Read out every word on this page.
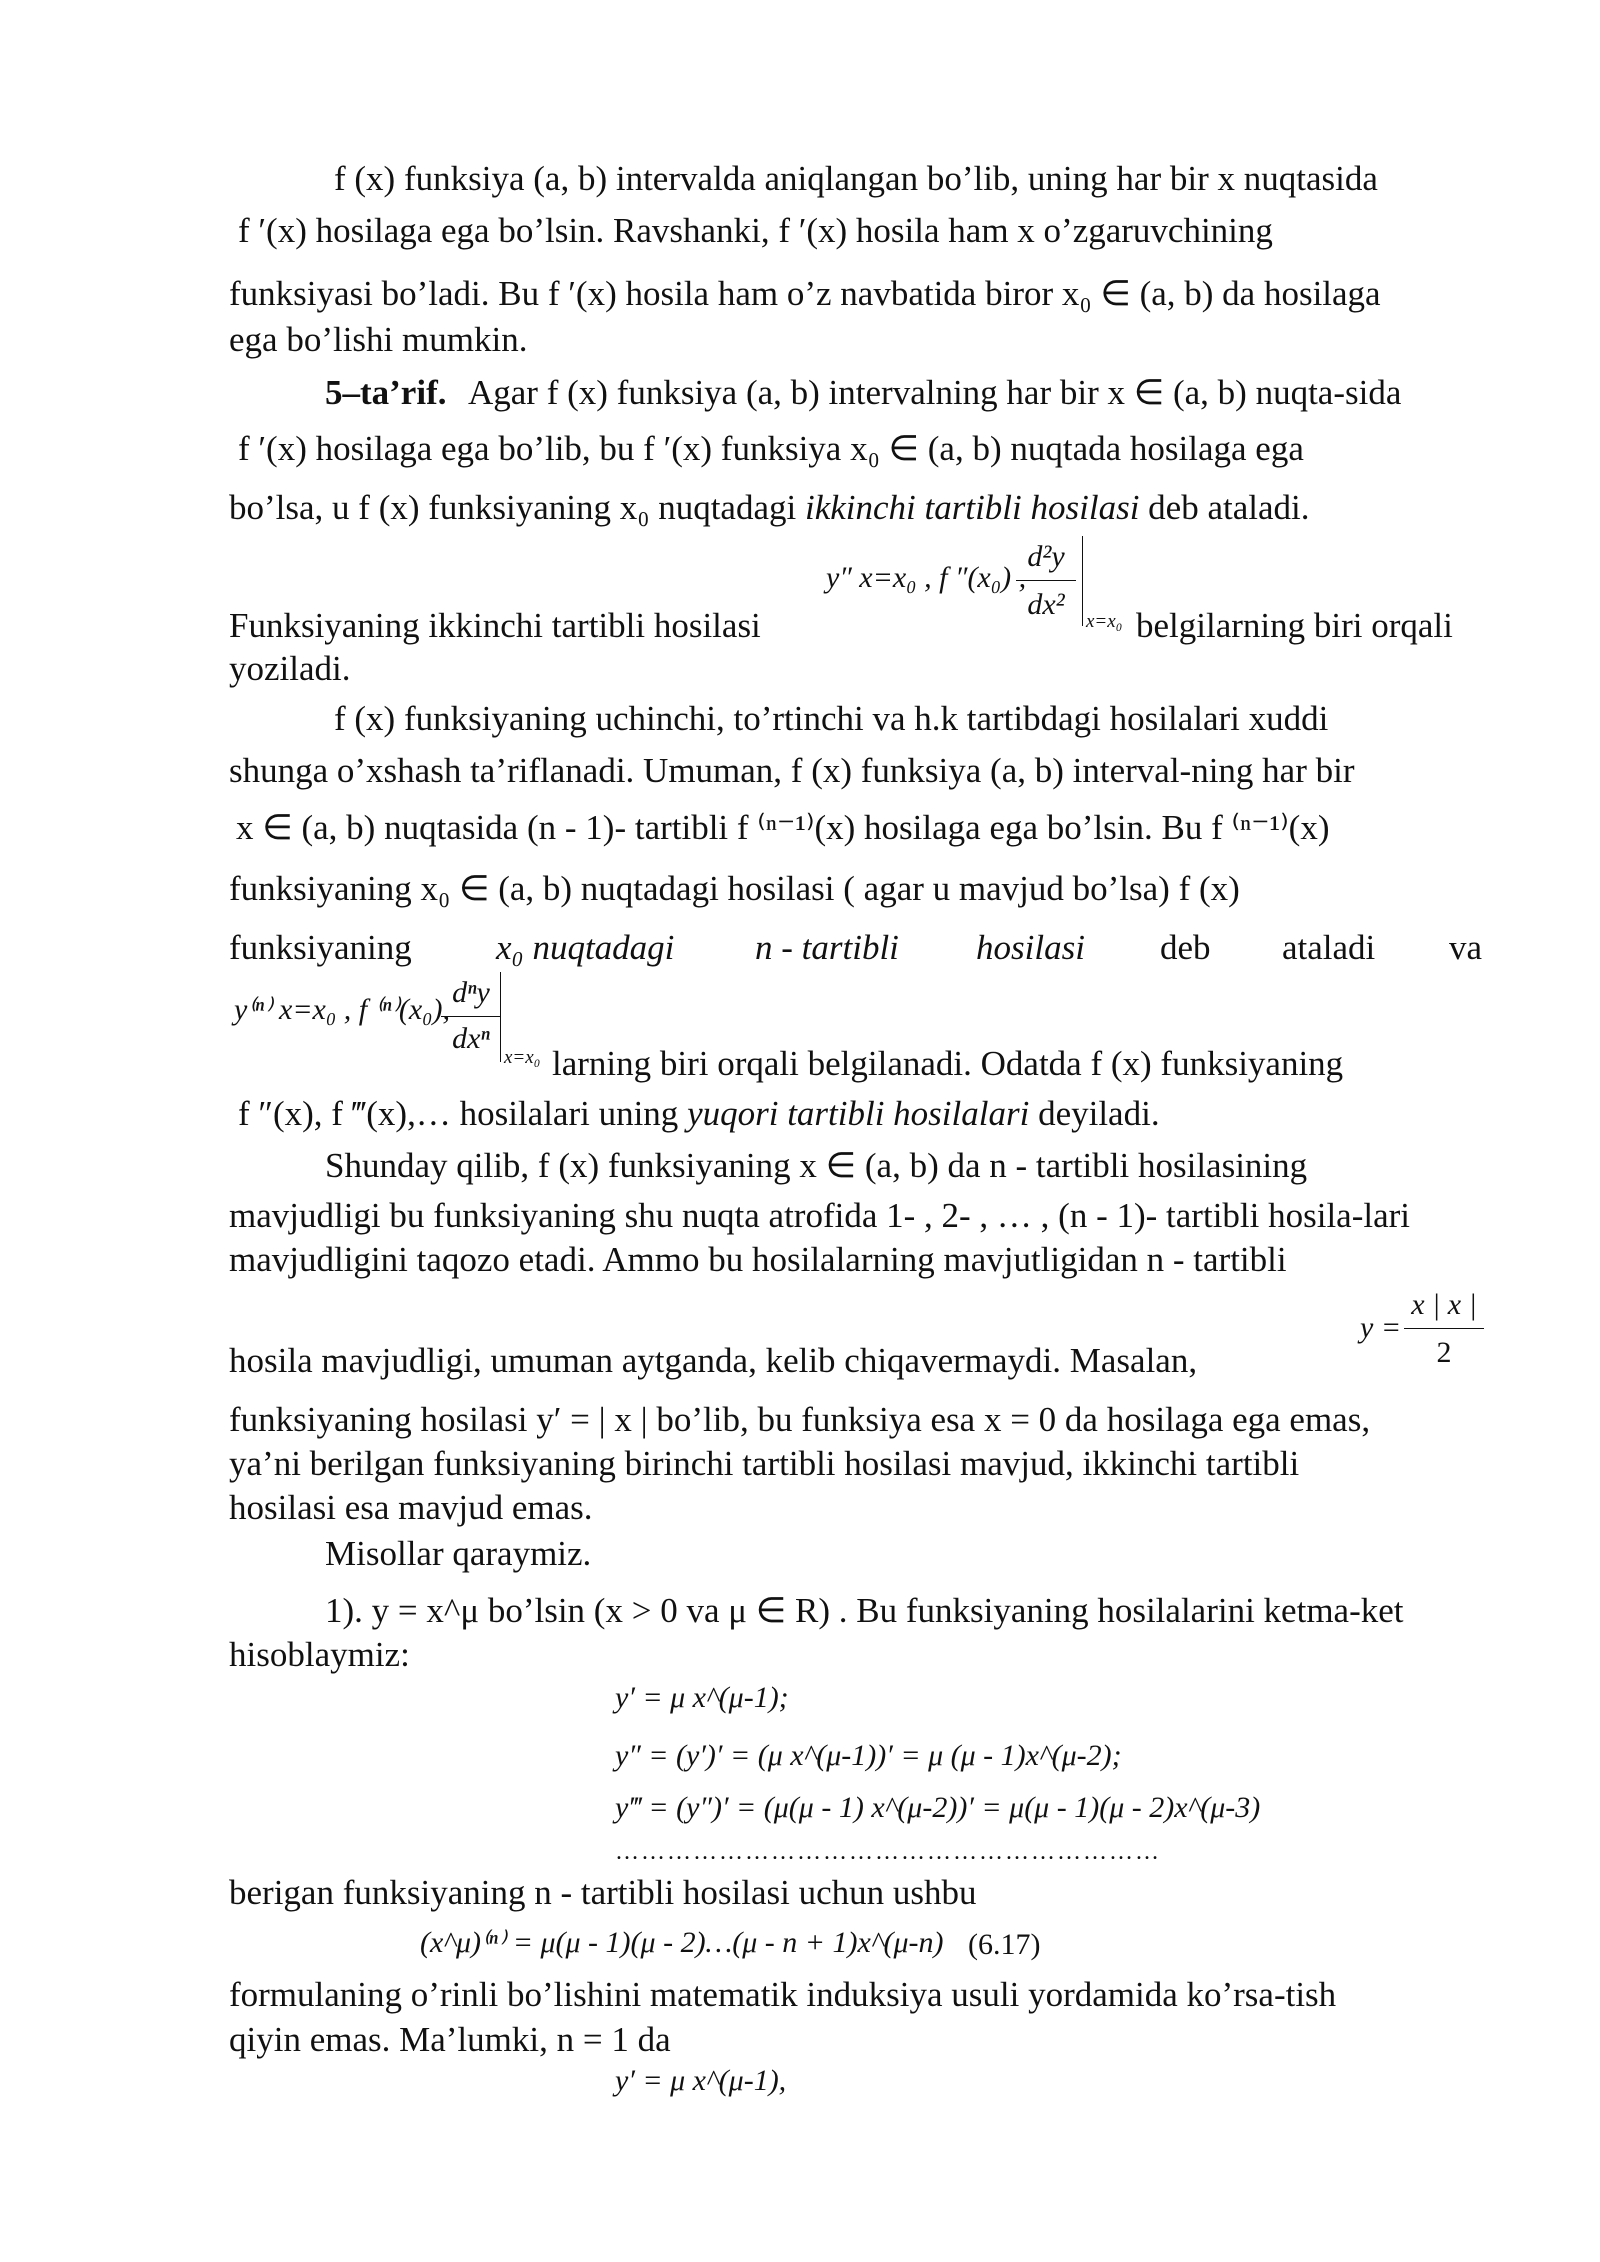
f (x) funksiya (a, b) intervalda aniqlangan bo’lib, uning har bir x nuqtasida
f ′(x) hosilaga ega bo’lsin. Ravshanki, f ′(x) hosila ham x o’zgaruvchining
funksiyasi bo’ladi. Bu f ′(x) hosila ham o’z navbatida biror x₀ ∈ (a, b) da hosilaga
ega bo’lishi mumkin.
5–ta’rif. Agar f (x) funksiya (a, b) intervalning har bir x ∈ (a, b) nuqta-sida
f ′(x) hosilaga ega bo’lib, bu f ′(x) funksiya x₀ ∈ (a, b) nuqtada hosilaga ega
bo’lsa, u f (x) funksiyaning x₀ nuqtadagi ikkinchi tartibli hosilasi deb ataladi.
y″ x=x₀ , f ″(x₀) ,
d²y
dx²
x=x₀
Funksiyaning ikkinchi tartibli hosilasi	belgilarning biri orqali
yoziladi.
f (x) funksiyaning uchinchi, to’rtinchi va h.k tartibdagi hosilalari xuddi
shunga o’xshash ta’riflanadi. Umuman, f (x) funksiya (a, b) interval-ning har bir
x ∈ (a, b) nuqtasida (n - 1)- tartibli f ⁽ⁿ⁻¹⁾(x) hosilaga ega bo’lsin. Bu f ⁽ⁿ⁻¹⁾(x)
funksiyaning x₀ ∈ (a, b) nuqtadagi hosilasi ( agar u mavjud bo’lsa) f (x)
funksiyaning x₀ nuqtadagi n - tartibli hosilasi deb ataladi va
y⁽ⁿ⁾ x=x₀ , f ⁽ⁿ⁾(x₀),
dⁿy
dxⁿ
x=x₀ larning biri orqali belgilanadi. Odatda f (x) funksiyaning
f ″(x), f ‴(x),… hosilalari uning yuqori tartibli hosilalari deyiladi.
Shunday qilib, f (x) funksiyaning x ∈ (a, b) da n - tartibli hosilasining
mavjudligi bu funksiyaning shu nuqta atrofida 1- , 2- , … , (n - 1)- tartibli hosila-lari
mavjudligini taqozo etadi. Ammo bu hosilalarning mavjutligidan n - tartibli
y =
x | x |
2
hosila mavjudligi, umuman aytganda, kelib chiqavermaydi. Masalan,
funksiyaning hosilasi y′ = | x | bo’lib, bu funksiya esa x = 0 da hosilaga ega emas,
ya’ni berilgan funksiyaning birinchi tartibli hosilasi mavjud, ikkinchi tartibli
hosilasi esa mavjud emas.
Misollar qaraymiz.
1). y = x^μ bo’lsin (x > 0 va μ ∈ R) . Bu funksiyaning hosilalarini ketma-ket
hisoblaymiz:
y′ = μ x^(μ-1);
y″ = (y′)′ = (μ x^(μ-1))′ = μ (μ - 1)x^(μ-2);
y‴ = (y″)′ = (μ(μ - 1) x^(μ-2))′ = μ(μ - 1)(μ - 2)x^(μ-3)
………………………………………………………
berigan funksiyaning n - tartibli hosilasi uchun ushbu
(x^μ)⁽ⁿ⁾ = μ(μ - 1)(μ - 2)…(μ - n + 1)x^(μ-n) (6.17)
formulaning o’rinli bo’lishini matematik induksiya usuli yordamida ko’rsa-tish
qiyin emas. Ma’lumki, n = 1 da
y′ = μ x^(μ-1),
